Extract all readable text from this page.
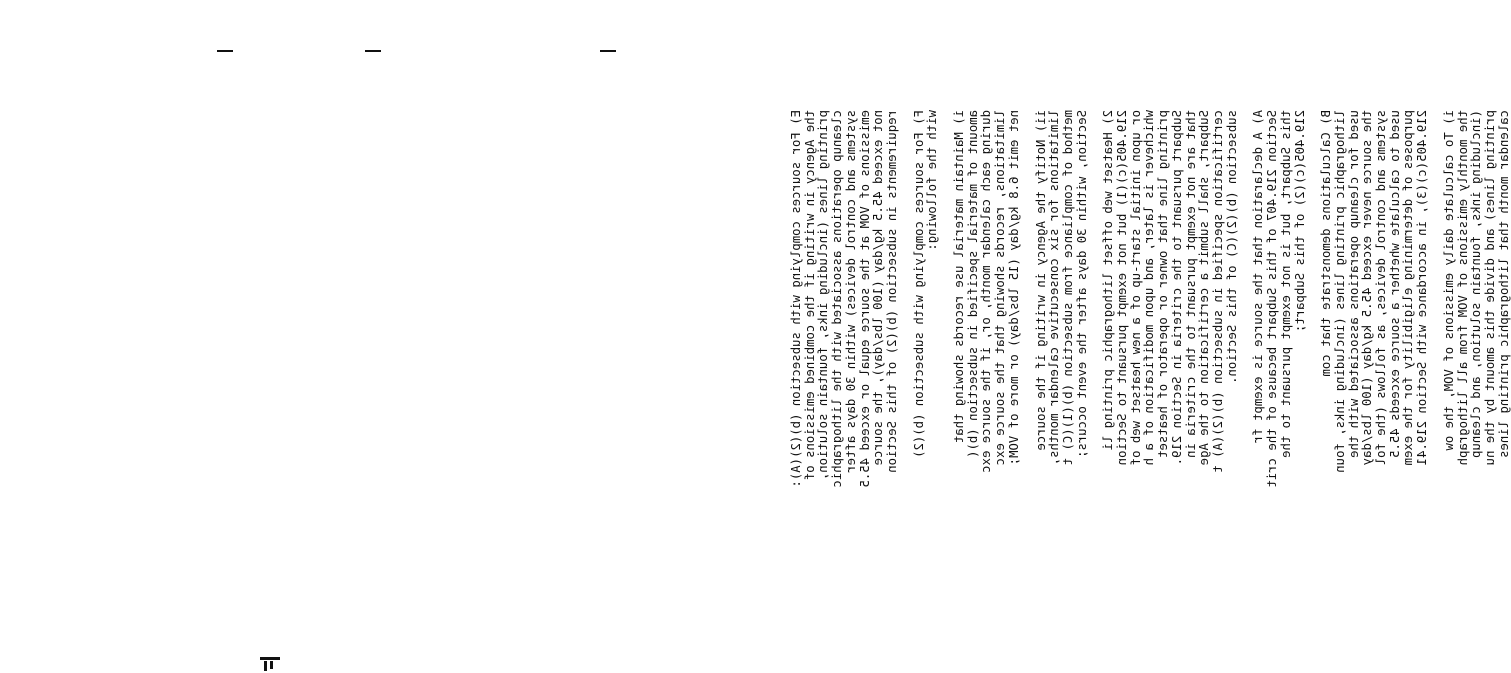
E) For sources complying with subsection (b)(2)(A): the Agency in writing if the combined emissions of printing lines (including inks, fountain solution, cleanup operations associated with the lithographic systems and control devices) within 30 days after emissions of VOM at the source equal or exceed 45.5 not exceed 45.5 kg/day (100 lbs/day), the source requirements in subsection (b)(2) of this Section F) For sources complying with subsection (b)(2) with the following: i) Maintain material use records showing that amount of material specified in subsection (b)( during each calendar month, or, if the source exc limitations, records showing that the source exc net emit 6.8 kg/day (15 lbs/day) or more of VOM; ii) Notify the Agency in writing if the source limitations for six consecutive calendar months, method of compliance from subsection (b)(1)(C) t Section, within 30 days after the event occurs; 2) Heatset web offset lithographic printing li 219.405(c)(1) but not exempt pursuant to Section or upon initial start-up of a new heatset web of whichever is later, and upon modification of a h printing line that owner or operator of heatset Subpart pursuant to the criteria in Section 219. that are not exempt pursuant to the criteria in Subpart, shall submit a certification to the Age certification specified in subsection (b)(2)(A) t subsection (b)(2)(C) of this Section. A) A declaration that the source is exempt fr Section 219.407 of this Subpart because of the crit this Subpart, but is not exempt pursuant to the 219.405(c)(2) of this Subpart; B) Calculations demonstrate that com lithographic printing lines (including inks, foun used for cleanup operations associated with the the source never exceed 45.5 kg/day (100 lbs/day systems and control devices, as follows (the fol used to calculate whether a source exceeds 45.5 purposes of determining eligibility for the exem 219.405(c)(3), in accordance with Section 219.41 i) To calculate daily emissions of VOM, the ow the monthly emissions of VOM from all lithograph (including inks, fountain solution, and cleanup printing lines) and divide this amount by the nu calendar month that lithographic printing lines
